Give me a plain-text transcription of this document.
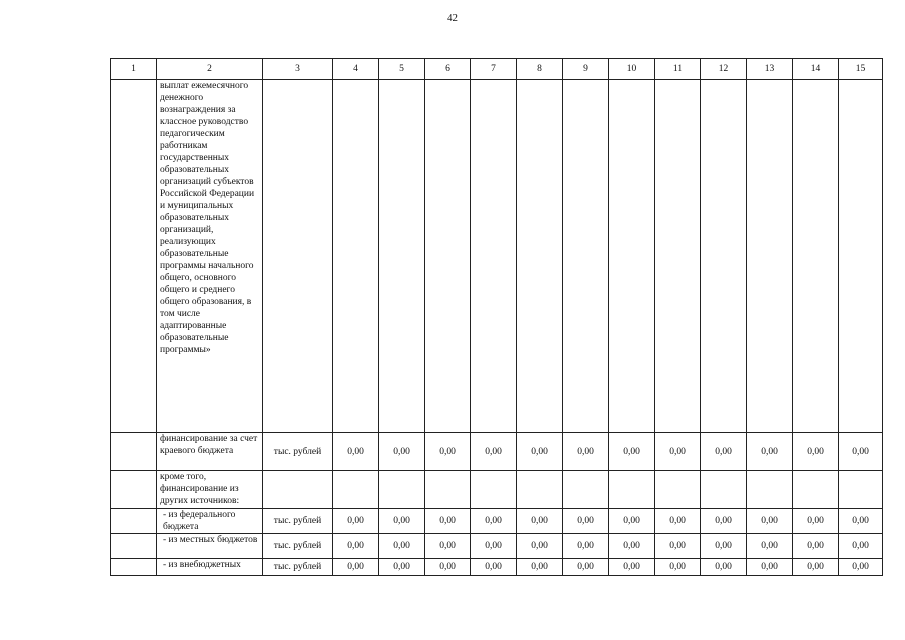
42
1	2	3	4	5	6	7	8	9	10	11	12	13	14	15
	выплат ежемесячного денежного вознаграждения за классное руководство педагогическим работникам государственных образовательных организаций субъектов Российской Федерации и муниципальных образовательных организаций, реализующих образовательные программы начального общего, основного общего и среднего общего образования, в том числе адаптированные образовательные программы»													
	финансирование за счет краевого бюджета	тыс. рублей	0,00	0,00	0,00	0,00	0,00	0,00	0,00	0,00	0,00	0,00	0,00	0,00
	кроме того, финансирование из других источников:													
	- из федерального бюджета	тыс. рублей	0,00	0,00	0,00	0,00	0,00	0,00	0,00	0,00	0,00	0,00	0,00	0,00
	- из местных бюджетов	тыс. рублей	0,00	0,00	0,00	0,00	0,00	0,00	0,00	0,00	0,00	0,00	0,00	0,00
	- из внебюджетных	тыс. рублей	0,00	0,00	0,00	0,00	0,00	0,00	0,00	0,00	0,00	0,00	0,00	0,00
